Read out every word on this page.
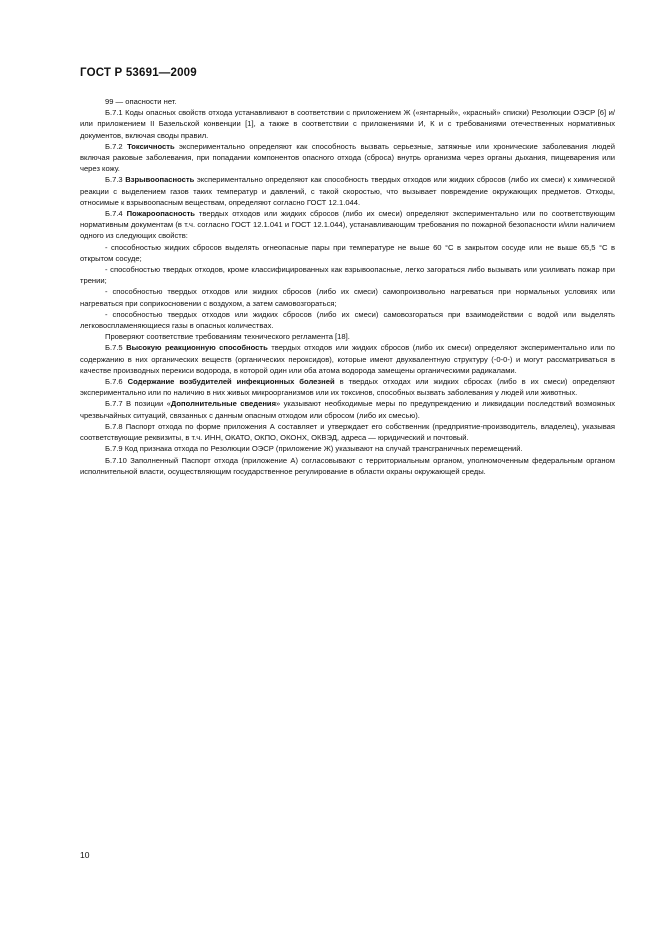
ГОСТ Р 53691—2009

99 — опасности нет.

Б.7.1 Коды опасных свойств отхода устанавливают в соответствии с приложением Ж («янтарный», «красный» списки) Резолюции ОЭСР [6] и/или приложением II Базельской конвенции [1], а также в соответствии с приложениями И, К и с требованиями отечественных нормативных документов, включая своды правил.

Б.7.2 Токсичность экспериментально определяют как способность вызвать серьезные, затяжные или хронические заболевания людей включая раковые заболевания, при попадании компонентов опасного отхода (сброса) внутрь организма через органы дыхания, пищеварения или через кожу.

Б.7.3 Взрывоопасность экспериментально определяют как способность твердых отходов или жидких сбросов (либо их смеси) к химической реакции с выделением газов таких температур и давлений, с такой скоростью, что вызывает повреждение окружающих предметов. Отходы, относимые к взрывоопасным веществам, определяют согласно ГОСТ 12.1.044.

Б.7.4 Пожароопасность твердых отходов или жидких сбросов (либо их смеси) определяют экспериментально или по соответствующим нормативным документам (в т.ч. согласно ГОСТ 12.1.041 и ГОСТ 12.1.044), устанавливающим требования по пожарной безопасности и/или наличием одного из следующих свойств:

- способностью жидких сбросов выделять огнеопасные пары при температуре не выше 60 °С в закрытом сосуде или не выше 65,5 °С в открытом сосуде;

- способностью твердых отходов, кроме классифицированных как взрывоопасные, легко загораться либо вызывать или усиливать пожар при трении;

- способностью твердых отходов или жидких сбросов (либо их смеси) самопроизвольно нагреваться при нормальных условиях или нагреваться при соприкосновении с воздухом, а затем самовозгораться;

- способностью твердых отходов или жидких сбросов (либо их смеси) самовозгораться при взаимодействии с водой или выделять легковоспламеняющиеся газы в опасных количествах.

Проверяют соответствие требованиям технического регламента [18].

Б.7.5 Высокую реакционную способность твердых отходов или жидких сбросов (либо их смеси) определяют экспериментально или по содержанию в них органических веществ (органических пероксидов), которые имеют двухвалентную структуру (-0-0-) и могут рассматриваться в качестве производных перекиси водорода, в которой один или оба атома водорода замещены органическими радикалами.

Б.7.6 Содержание возбудителей инфекционных болезней в твердых отходах или жидких сбросах (либо в их смеси) определяют экспериментально или по наличию в них живых микроорганизмов или их токсинов, способных вызвать заболевания у людей или животных.

Б.7.7 В позиции «Дополнительные сведения» указывают необходимые меры по предупреждению и ликвидации последствий возможных чрезвычайных ситуаций, связанных с данным опасным отходом или сбросом (либо их смесью).

Б.7.8 Паспорт отхода по форме приложения А составляет и утверждает его собственник (предприятие-производитель, владелец), указывая соответствующие реквизиты, в т.ч. ИНН, ОКАТО, ОКПО, ОКОНХ, ОКВЭД, адреса — юридический и почтовый.

Б.7.9 Код признака отхода по Резолюции ОЭСР (приложение Ж) указывают на случай трансграничных перемещений.

Б.7.10 Заполненный Паспорт отхода (приложение А) согласовывают с территориальным органом, уполномоченным федеральным органом исполнительной власти, осуществляющим государственное регулирование в области охраны окружающей среды.

10
